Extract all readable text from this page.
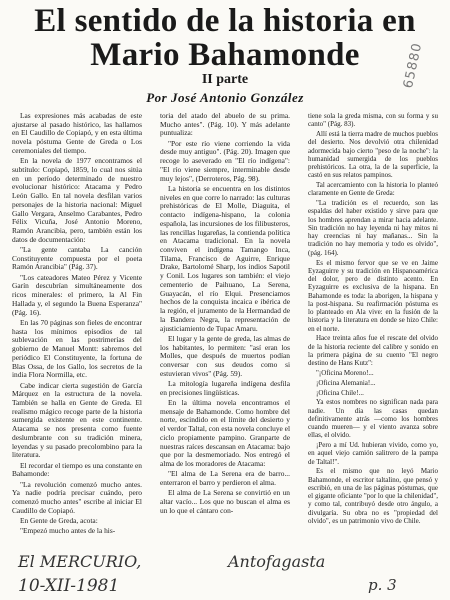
El sentido de la historia en
Mario Bahamonde
II parte
Por José Antonio González
65880

Las expresiones más acabadas de este ajustarse al pasado histórico, las hallamos en El Caudillo de Copiapó, y en esta última novela póstuma Gente de Greda o Los ceremoniales del tiempo.

En la novela de 1977 encontramos el subtítulo: Copiapó, 1859, lo cual nos sitúa en un período determinado de nuestro evolucionar histórico: Atacama y Pedro León Gallo. En tal novela desfilan varios personajes de la historia nacional: Miguel Gallo Vergara, Anselmo Carabantes, Pedro Félix Vicuña, José Antonio Moreno, Ramón Arancibia, pero, también están los datos de documentación:

"La gente cantaba La canción Constituyente compuesta por el poeta Ramón Arancibia" (Pág. 37).

"Los cateadores Mateo Pérez y Vicente Garín descubrían simultáneamente dos ricos minerales: el primero, la Al Fin Hallada y, el segundo la Buena Esperanza" (Pág. 16).

En las 70 páginas son fieles de encontrar hasta los mínimos episodios de tal sublevación en las postrimerías del gobierno de Manuel Montt: sabremos del periódico El Constituyente, la fortuna de Blas Ossa, de los Gallo, los secretos de la india Flora Normilla, etc.

Cabe indicar cierta sugestión de García Márquez en la estructura de la novela. También se halla en Gente de Greda. El realismo mágico recoge parte de la historia sumergida existente en este continente. Atacama se nos presenta como fuente deslumbrante con su tradición minera, leyendas y su pasado precolombino para la literatura.

El recordar el tiempo es una constante en Bahamonde:

"La revolución comenzó mucho antes. Ya nadie podría precisar cuándo, pero comenzó mucho antes" escribe al iniciar El Caudillo de Copiapó.

En Gente de Greda, acota:

"Empezó mucho antes de la his-

toria del atado del abuelo de su prima. Mucho antes". (Pág. 10). Y más adelante puntualiza:

"Por este río viene corriendo la vida desde muy antiguo". (Pág. 20). Imagen que recoge lo aseverado en "El río indígena": "El río viene siempre, interminable desde muy lejos", (Derroteros, Pág. 98).

La historia se encuentra en los distintos niveles en que corre lo narrado: las culturas prehistóricas de El Molle, Diaguita, el contacto indígena-hispano, la colonia española, las incursiones de los filibusteros, las rencillas lugareñas, la contienda política en Atacama tradicional. En la novela conviven el indígena Tamango Inca, Tilama, Francisco de Aguirre, Enrique Drake, Bartolomé Sharp, los indios Sapotil y Conil. Los lugares son también: el viejo cementerio de Paihuano, La Serena, Guayacán, el río Elqui. Presenciamos hechos de la conquista incaica e ibérica de la región, el juramento de la Hermandad de la Bandera Negra, la representación de ajusticiamiento de Tupac Amaru.

El lugar y la gente de greda, las almas de los habitantes, lo permiten: "así eran los Molles, que después de muertos podían conversar con sus deudos como si estuvieran vivos" (Pág. 59).

La mitología lugareña indígena desfila en precisiones lingüísticas.

En la última novela encontramos el mensaje de Bahamonde. Como hombre del norte, escindido en el límite del desierto y el verdor Taltal, con esta novela concluye el ciclo propiamente pampino. Granparte de nuestras raíces descansan en Atacama: bajo que por la desmemoriado. Nos entregó el alma de los moradores de Atacama:

"El alma de La Serena era de barro... enterraron el barro y perdieron el alma.

El alma de La Serena se convirtió en un altar vacío... Los que no buscan el alma es un lo que el cántaro con-

tiene sola la greda misma, con su forma y su canto" (Pág. 83).

Allí está la tierra madre de muchos pueblos del desierto. Nos devolvió otra chilenidad adormecida bajo cierto "peso de la noche": la humanidad sumergida de los pueblos prehistóricos. La otra, la de la superficie, la castó en sus relatos pampinos.

Tal acercamiento con la historia lo planteó claramente en Gente de Greda:

"La tradición es el recuerdo, son las espaldas del haber existido y sirve para que los hombres aprendan a mirar hacia adelante. Sin tradición no hay leyenda ni hay mitos ni hay creencias ni hay mañanas... Sin la tradición no hay memoria y todo es olvido", (pág. 164).

Es el mismo fervor que se ve en Jaime Eyzaguirre y su tradición en Hispanoamérica del dolor, pero de distinto acento. En Eyzaguirre es exclusiva de la hispana. En Bahamonde es toda: la aborigen, la hispana y la post-hispana. Su reafirmación póstuma es lo planteado en Ala vive: en la fusión de la historia y la literatura en donde se hizo Chile: en el norte.

Hace treinta años fue el rescate del olvido de la historia reciente del calibre y sonido en la primera página de su cuento "El negro destino de Hans Kutz":

"¡Oficina Moreno!...

¡Oficina Alemania!...

¡Oficina Chile!...

Ya estos nombres no significan nada para nadie. Un día las casas quedan definitivamente atrás —como los hombres cuando mueren— y el viento avanza sobre ellas, el olvido.

¡Pero a mí Ud. hubieran vivido, como yo, en aquel viejo camión salitrero de la pampa de Taltal!".

Es el mismo que no leyó Mario Bahamonde, el escritor taltalino, que pensó y escribió, en una de las páginas póstumas, que el gigante oficiante "por lo que la chilenidad", y como tal, contribuyó desde otro ángulo, a divulgaría. Su obra no es "propiedad del olvido", es un patrimonio vivo de Chile.

El MERCURIO,	Antofagasta
10-XII-1981	p. 3
